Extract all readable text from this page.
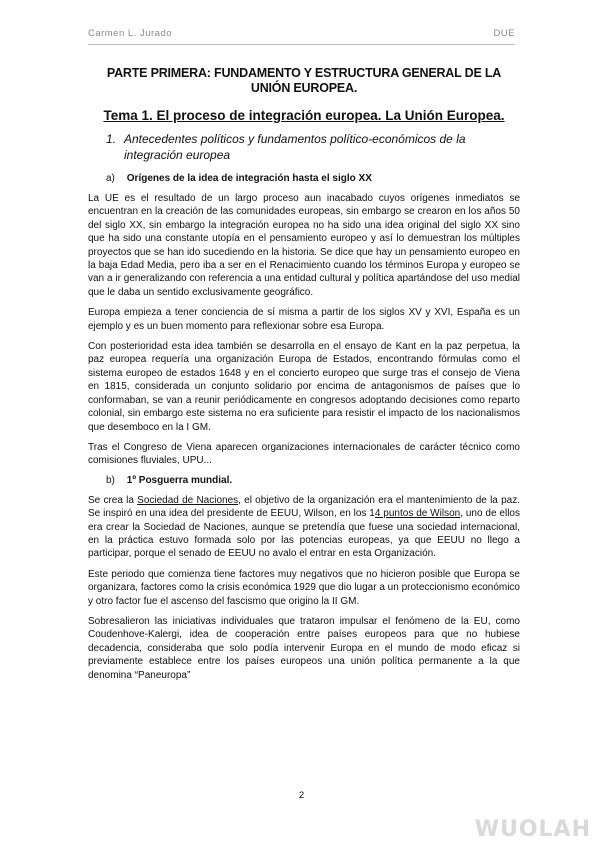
Carmen L. Jurado	DUE
PARTE PRIMERA: FUNDAMENTO Y ESTRUCTURA GENERAL DE LA UNIÓN EUROPEA.
Tema 1. El proceso de integración europea. La Unión Europea.
1. Antecedentes políticos y fundamentos político-económicos de la integración europea
a) Orígenes de la idea de integración hasta el siglo XX

La UE es el resultado de un largo proceso aun inacabado cuyos orígenes inmediatos se encuentran en la creación de las comunidades europeas, sin embargo se crearon en los años 50 del siglo XX, sin embargo la integración europea no ha sido una idea original del siglo XX sino que ha sido una constante utopía en el pensamiento europeo y así lo demuestran los múltiples proyectos que se han ido sucediendo en la historia. Se dice que hay un pensamiento europeo en la baja Edad Media, pero iba a ser en el Renacimiento cuando los términos Europa y europeo se van a ir generalizando con referencia a una entidad cultural y política apartándose del uso medial que le daba un sentido exclusivamente geográfico.

Europa empieza a tener conciencia de sí misma a partir de los siglos XV y XVI, España es un ejemplo y es un buen momento para reflexionar sobre esa Europa.

Con posterioridad esta idea también se desarrolla en el ensayo de Kant en la paz perpetua, la paz europea requería una organización Europa de Estados, encontrando fórmulas como el sistema europeo de estados 1648 y en el concierto europeo que surge tras el consejo de Viena en 1815, considerada un conjunto solidario por encima de antagonismos de países que lo conformaban, se van a reunir periódicamente en congresos adoptando decisiones como reparto colonial, sin embargo este sistema no era suficiente para resistir el impacto de los nacionalismos que desemboco en la I GM.

Tras el Congreso de Viena aparecen organizaciones internacionales de carácter técnico como comisiones fluviales, UPU...

b) 1º Posguerra mundial.

Se crea la Sociedad de Naciones, el objetivo de la organización era el mantenimiento de la paz. Se inspiró en una idea del presidente de EEUU, Wilson, en los 14 puntos de Wilson, uno de ellos era crear la Sociedad de Naciones, aunque se pretendía que fuese una sociedad internacional, en la práctica estuvo formada solo por las potencias europeas, ya que EEUU no llego a participar, porque el senado de EEUU no avalo el entrar en esta Organización.

Este periodo que comienza tiene factores muy negativos que no hicieron posible que Europa se organizara, factores como la crisis económica 1929 que dio lugar a un proteccionismo económico y otro factor fue el ascenso del fascismo que origino la II GM.

Sobresalieron las iniciativas individuales que trataron impulsar el fenómeno de la EU, como Coudenhove-Kalergi, idea de cooperación entre países europeos para que no hubiese decadencia, consideraba que solo podía intervenir Europa en el mundo de modo eficaz si previamente establece entre los países europeos una unión política permanente a la que denomina “Paneuropa”

2
WUOLAH
